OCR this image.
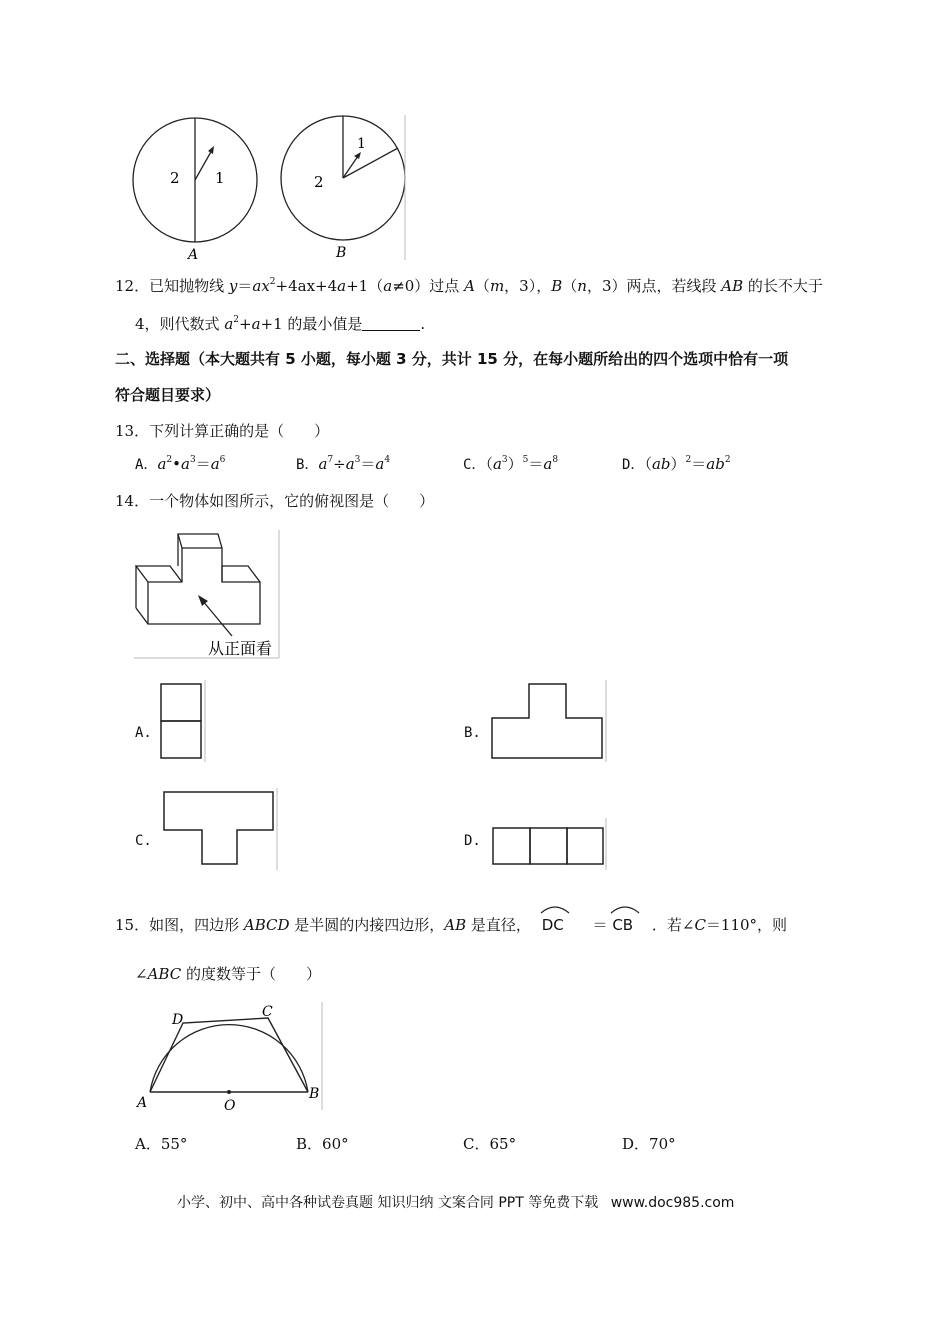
2 1
A
1
2
B
12．已知抛物线 $y=ax^2+4ax+4a+1(a\ne 0)$过点 A（m，3），B（n，3）两点，若线段 AB 的长不大于
4，则代数式 $a^2+a+1$ 的最小值是	.
二、选择题（本大题共有 5 小题，每小题 3 分，共计 15 分，在每小题所给出的四个选项中恰有一项
符合题目要求）
13．下列计算正确的是（　　）
A．$a^2•a^3=a^6$	B．$a^7\div a^3=a^4$	C．$(a^3)^5=a^8$	D．$(ab)^2=ab^2$
14．一个物体如图所示，它的俯视图是（　　）
从正面看
A.	B.
C.	D.
15．如图，四边形 ABCD 是半圆的内接四边形，AB 是直径， DC ＝ CB ．若∠C＝110°，则
∠ABC 的度数等于（　　）
A
B
C
D
O
A．55°	B．60°	C．65°	D．70°
小学、初中、高中各种试卷真题 知识归纳 文案合同 PPT 等免费下载 www.doc985.com
